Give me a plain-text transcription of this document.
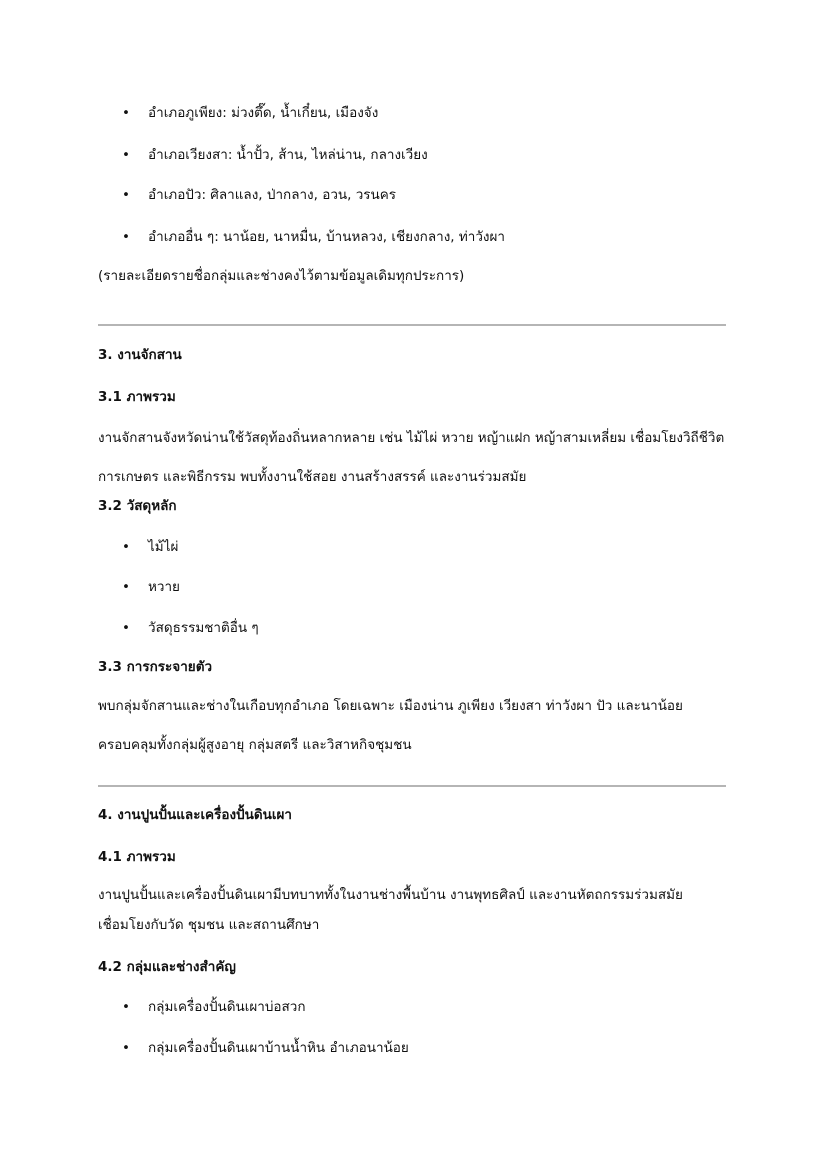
• อำเภอภูเพียง: ม่วงตึ๊ด, น้ำเกี๋ยน, เมืองจัง
• อำเภอเวียงสา: น้ำปั้ว, ส้าน, ไหล่น่าน, กลางเวียง
• อำเภอปัว: ศิลาแลง, ป่ากลาง, อวน, วรนคร
• อำเภออื่น ๆ: นาน้อย, นาหมื่น, บ้านหลวง, เชียงกลาง, ท่าวังผา
(รายละเอียดรายชื่อกลุ่มและช่างคงไว้ตามข้อมูลเดิมทุกประการ)
3. งานจักสาน
3.1 ภาพรวม
งานจักสานจังหวัดน่านใช้วัสดุท้องถิ่นหลากหลาย เช่น ไม้ไผ่ หวาย หญ้าแฝก หญ้าสามเหลี่ยม เชื่อมโยงวิถีชีวิต
การเกษตร และพิธีกรรม พบทั้งงานใช้สอย งานสร้างสรรค์ และงานร่วมสมัย
3.2 วัสดุหลัก
• ไม้ไผ่
• หวาย
• วัสดุธรรมชาติอื่น ๆ
3.3 การกระจายตัว
พบกลุ่มจักสานและช่างในเกือบทุกอำเภอ โดยเฉพาะ เมืองน่าน ภูเพียง เวียงสา ท่าวังผา ปัว และนาน้อย
ครอบคลุมทั้งกลุ่มผู้สูงอายุ กลุ่มสตรี และวิสาหกิจชุมชน
4. งานปูนปั้นและเครื่องปั้นดินเผา
4.1 ภาพรวม
งานปูนปั้นและเครื่องปั้นดินเผามีบทบาททั้งในงานช่างพื้นบ้าน งานพุทธศิลป์ และงานหัตถกรรมร่วมสมัย
เชื่อมโยงกับวัด ชุมชน และสถานศึกษา
4.2 กลุ่มและช่างสำคัญ
• กลุ่มเครื่องปั้นดินเผาบ่อสวก
• กลุ่มเครื่องปั้นดินเผาบ้านน้ำหิน อำเภอนาน้อย
